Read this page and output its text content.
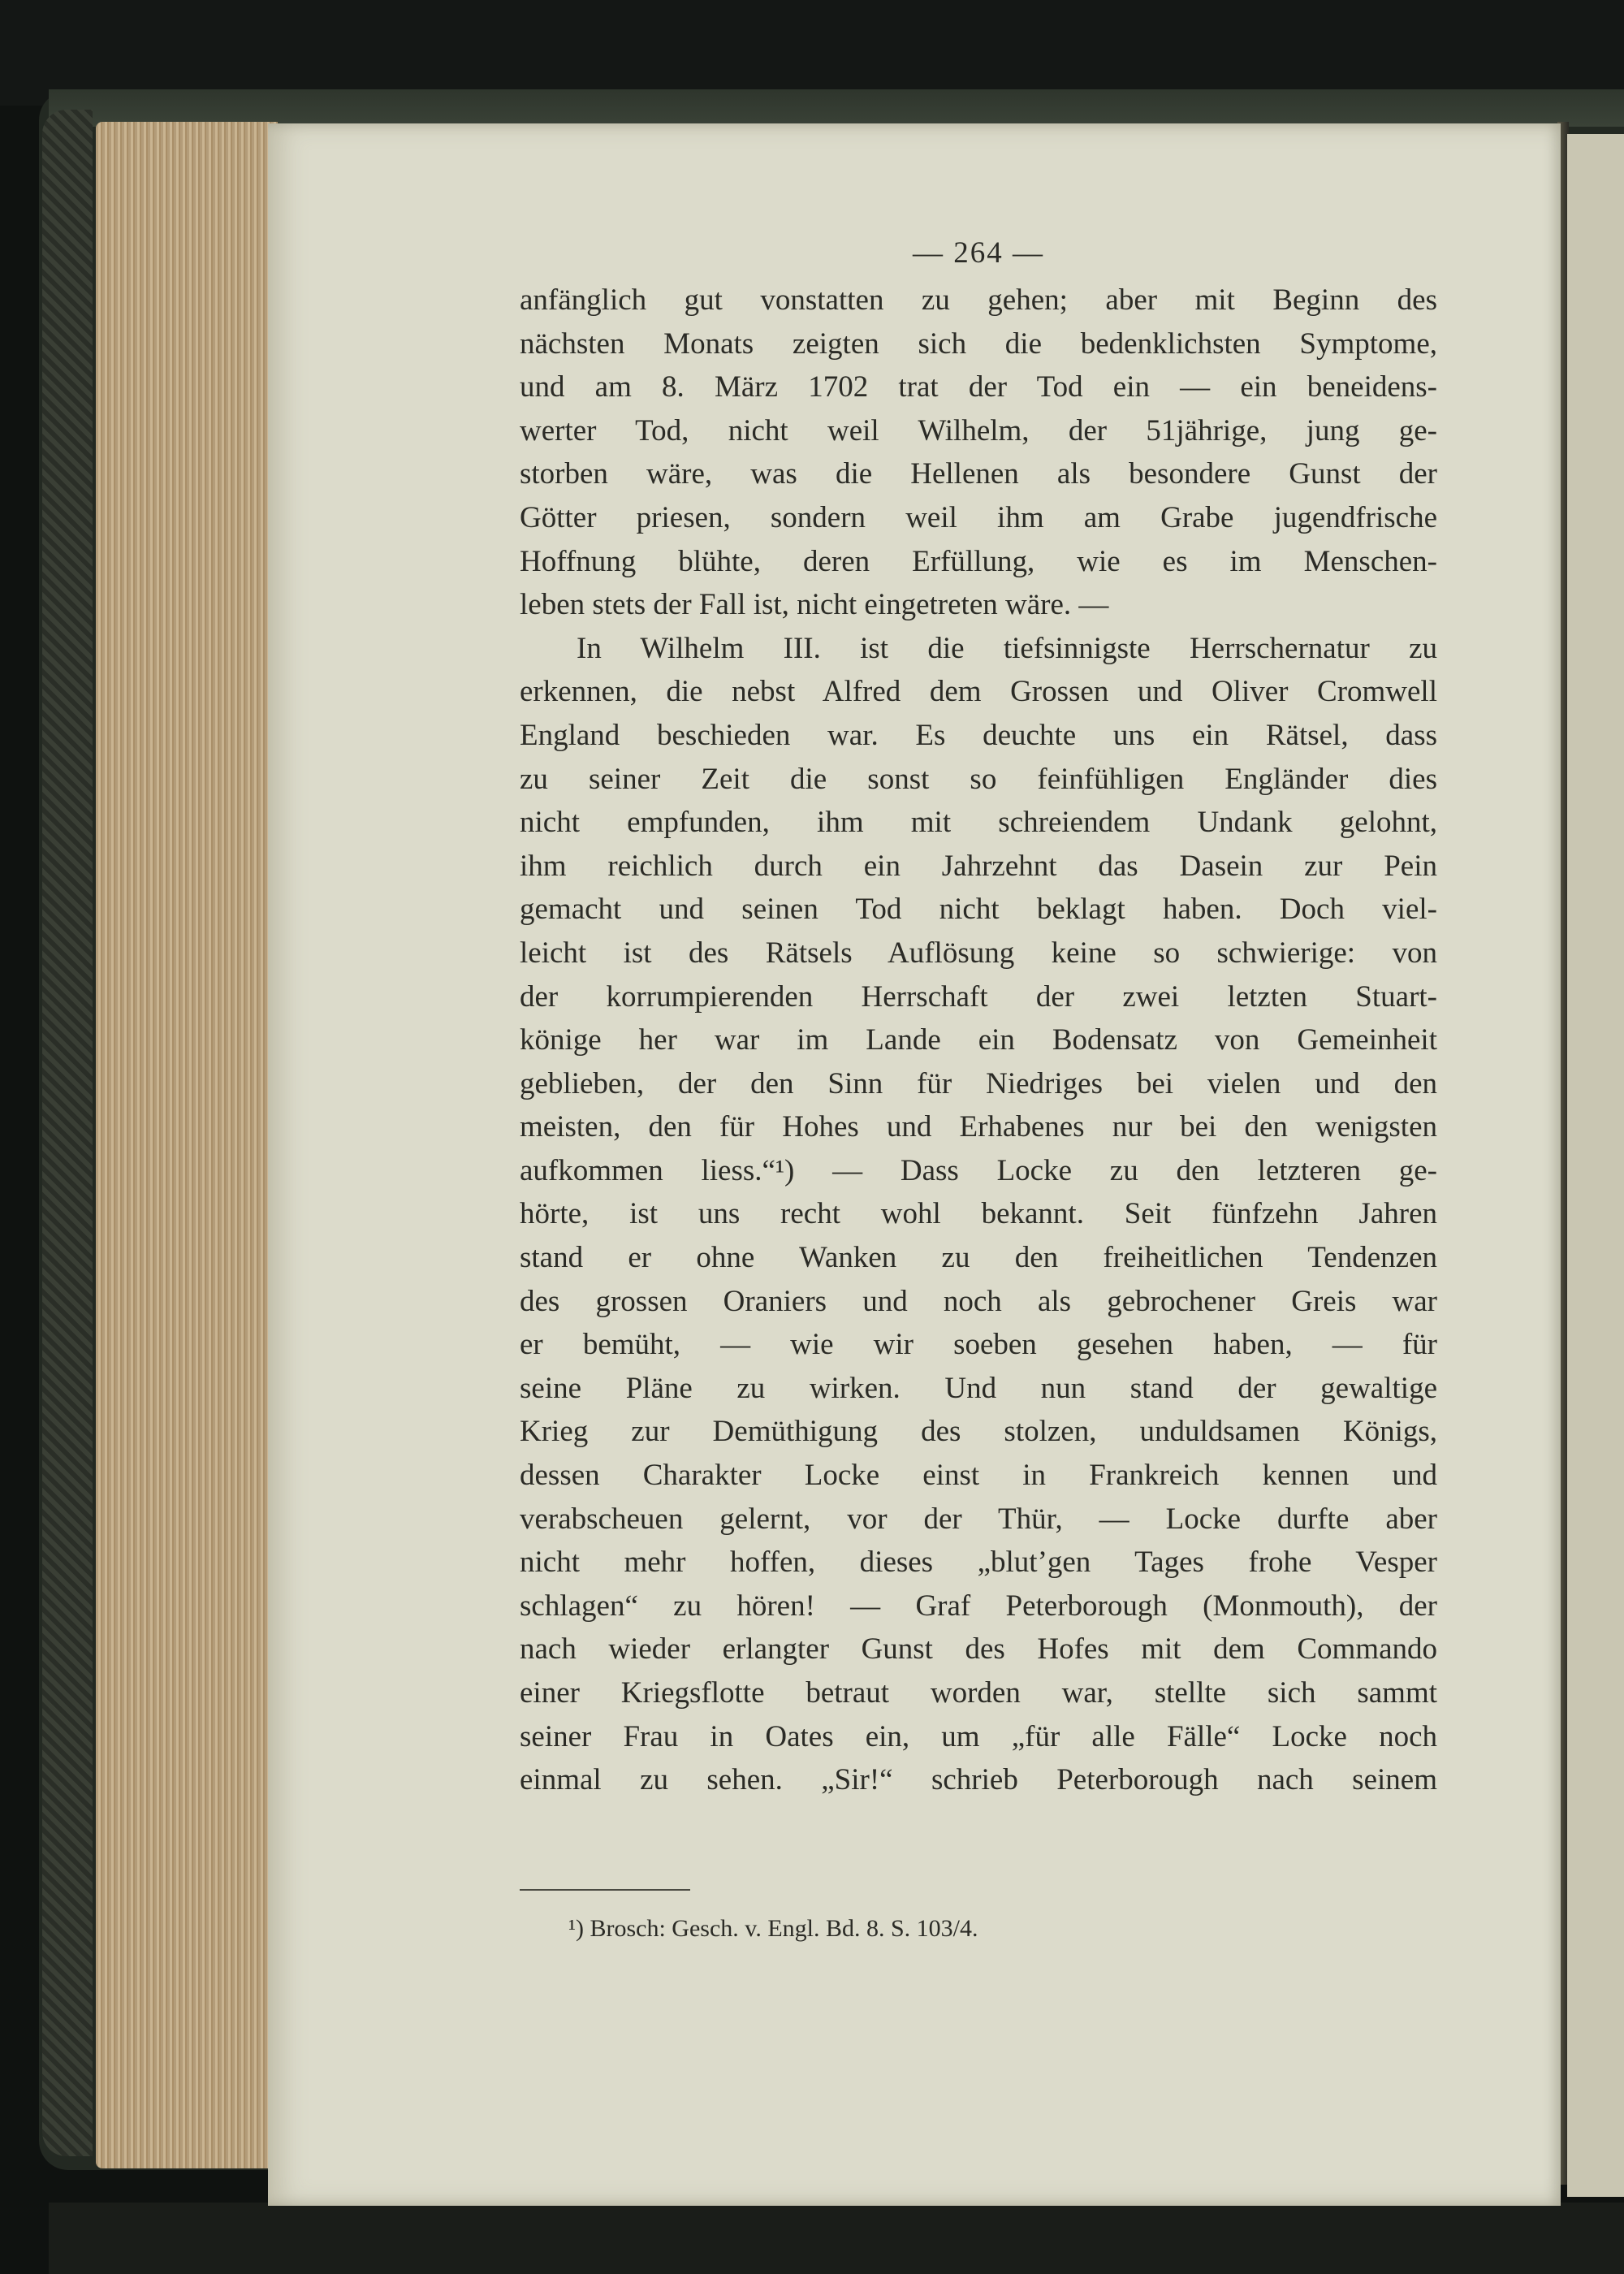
— 264 —
anfänglich gut vonstatten zu gehen; aber mit Beginn des
nächsten Monats zeigten sich die bedenklichsten Symptome,
und am 8. März 1702 trat der Tod ein — ein beneidens-
werter Tod, nicht weil Wilhelm, der 51jährige, jung ge-
storben wäre, was die Hellenen als besondere Gunst der
Götter priesen, sondern weil ihm am Grabe jugendfrische
Hoffnung blühte, deren Erfüllung, wie es im Menschen-
leben stets der Fall ist, nicht eingetreten wäre. —
In Wilhelm III. ist die tiefsinnigste Herrschernatur zu
erkennen, die nebst Alfred dem Grossen und Oliver Cromwell
England beschieden war. Es deuchte uns ein Rätsel, dass
zu seiner Zeit die sonst so feinfühligen Engländer dies
nicht empfunden, ihm mit schreiendem Undank gelohnt,
ihm reichlich durch ein Jahrzehnt das Dasein zur Pein
gemacht und seinen Tod nicht beklagt haben. Doch viel-
leicht ist des Rätsels Auflösung keine so schwierige: von
der korrumpierenden Herrschaft der zwei letzten Stuart-
könige her war im Lande ein Bodensatz von Gemeinheit
geblieben, der den Sinn für Niedriges bei vielen und den
meisten, den für Hohes und Erhabenes nur bei den wenigsten
aufkommen liess.“¹) — Dass Locke zu den letzteren ge-
hörte, ist uns recht wohl bekannt. Seit fünfzehn Jahren
stand er ohne Wanken zu den freiheitlichen Tendenzen
des grossen Oraniers und noch als gebrochener Greis war
er bemüht, — wie wir soeben gesehen haben, — für
seine Pläne zu wirken. Und nun stand der gewaltige
Krieg zur Demüthigung des stolzen, unduldsamen Königs,
dessen Charakter Locke einst in Frankreich kennen und
verabscheuen gelernt, vor der Thür, — Locke durfte aber
nicht mehr hoffen, dieses „blut’gen Tages frohe Vesper
schlagen“ zu hören! — Graf Peterborough (Monmouth), der
nach wieder erlangter Gunst des Hofes mit dem Commando
einer Kriegsflotte betraut worden war, stellte sich sammt
seiner Frau in Oates ein, um „für alle Fälle“ Locke noch
einmal zu sehen. „Sir!“ schrieb Peterborough nach seinem
¹) Brosch: Gesch. v. Engl. Bd. 8. S. 103/4.
